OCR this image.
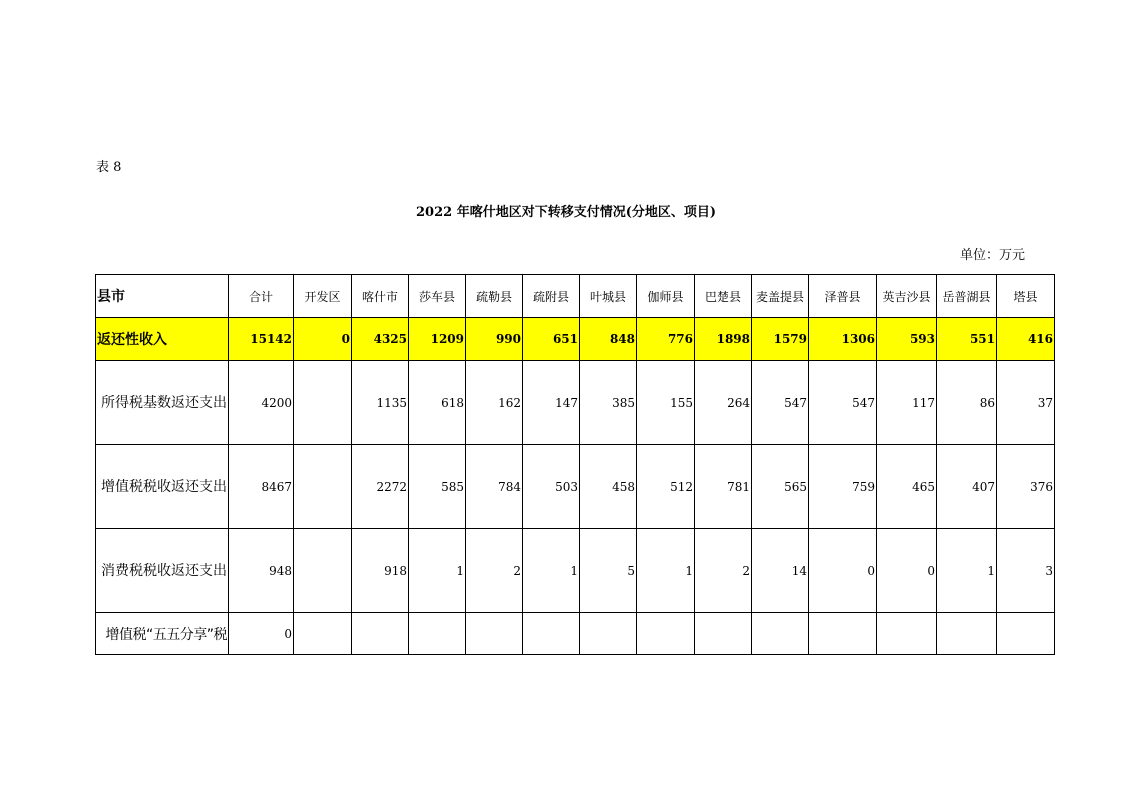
表 8
2022 年喀什地区对下转移支付情况(分地区、项目)
单位：万元
县市	合计	开发区	喀什市	莎车县	疏勒县	疏附县	叶城县	伽师县	巴楚县	麦盖提县	泽普县	英吉沙县	岳普湖县	塔县
返还性收入	15142	0	4325	1209	990	651	848	776	1898	1579	1306	593	551	416
所得税基数返还支出	4200		1135	618	162	147	385	155	264	547	547	117	86	37
增值税税收返还支出	8467		2272	585	784	503	458	512	781	565	759	465	407	376
消费税税收返还支出	948		918	1	2	1	5	1	2	14	0	0	1	3
增值税“五五分享”税	0													
